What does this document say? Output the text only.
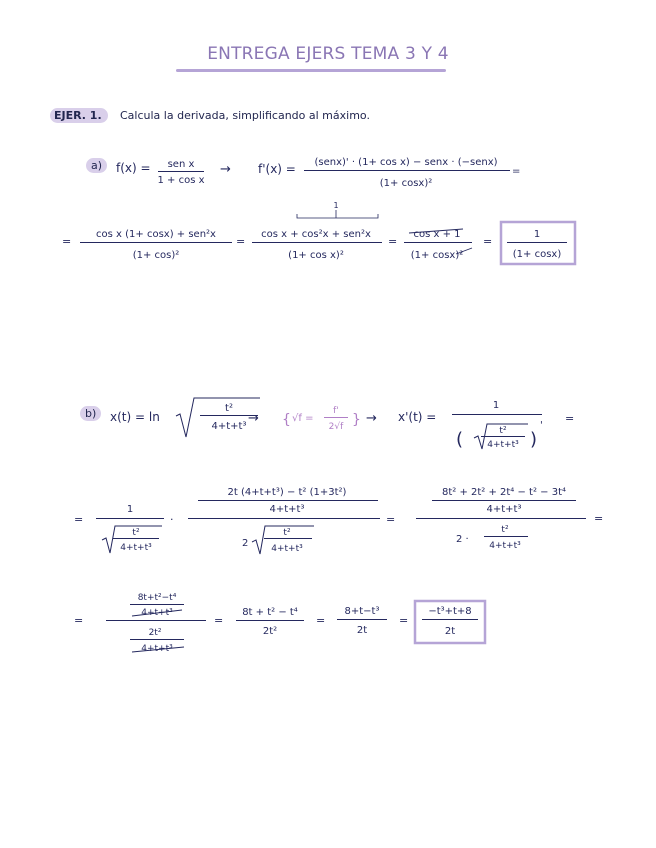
ENTREGA EJERS TEMA 3 Y 4
EJER. 1.	Calcula la derivada, simplificando al máximo.
a)
b)
f(x) = sen x
1 + cos x
→ f'(x) = (senx)' · (1+ cos x) − senx · (−senx)
(1+ cosx)²
=
=
cos x (1+ cosx) + sen²x
(1+ cos)²
=
1
cos x + cos²x + sen²x
(1+ cos x)²
=
cos x + 1
(1+ cosx)²
=
1
(1+ cosx)
x(t) = ln
t²
4+t+t³
→ { √f =
f'
2√f } → x'(t) =
1
t²
4+t+t³
(	)
'
=
=
1
t²
4+t+t³
·
2t (4+t+t³) − t² (1+3t²)
4+t+t³
2
t²
4+t+t³
=
8t² + 2t² + 2t⁴ − t² − 3t⁴
4+t+t³
2 ·
t²
4+t+t³
=
=
8t+t²−t⁴
4+t+t³
2t²
4+t+t³
=
8t + t² − t⁴
2t²
=
8+t−t³
2t
=
−t³+t+8
2t
